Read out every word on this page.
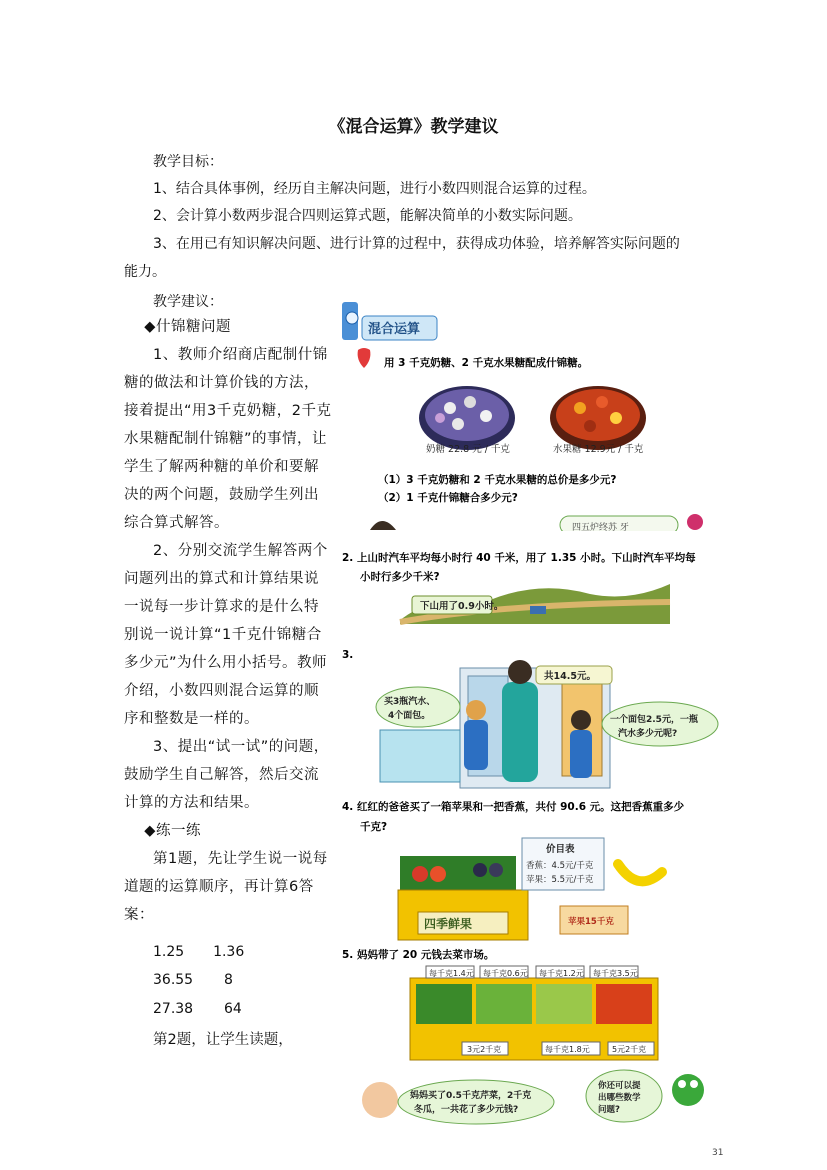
《混合运算》教学建议
教学目标：
1、结合具体事例，经历自主解决问题，进行小数四则混合运算的过程。
2、会计算小数两步混合四则运算式题，能解决简单的小数实际问题。
3、在用已有知识解决问题、进行计算的过程中，获得成功体验，培养解答实际问题的
能力。
教学建议：
◆什锦糖问题
1、教师介绍商店配制什锦糖的做法和计算价钱的方法，接着提出“用3千克奶糖，2千克水果糖配制什锦糖”的事情，让学生了解两种糖的单价和要解决的两个问题，鼓励学生列出综合算式解答。
2、分别交流学生解答两个问题列出的算式和计算结果说一说每一步计算求的是什么特别说一说计算“1千克什锦糖合多少元”为什么用小括号。教师介绍，小数四则混合运算的顺序和整数是一样的。
3、提出“试一试”的问题，鼓励学生自己解答，然后交流计算的方法和结果。
◆练一练
第1题，先让学生说一说每道题的运算顺序，再计算6答案：
1.25 1.36
36.55 8
27.38 64
第2题，让学生读题，
混合运算
用 3 千克奶糖、2 千克水果糖配成什锦糖。
奶糖 22.8 元 / 千克	水果糖 12.9元 / 千克
（1）3 千克奶糖和 2 千克水果糖的总价是多少元?
（2）1 千克什锦糖合多少元?
四五炉终苏 牙
2. 上山时汽车平均每小时行 40 千米，用了 1.35 小时。下山时汽车平均每
小时行多少千米?
下山用了0.9小时。
3.
共14.5元。
买3瓶汽水、
4个面包。	一个面包2.5元，一瓶
汽水多少元呢?
4. 红红的爸爸买了一箱苹果和一把香蕉，共付 90.6 元。这把香蕉重多少
千克?
四季鲜果
价目表
香蕉：4.5元/千克
苹果：5.5元/千克
苹果15千克
5. 妈妈带了 20 元钱去菜市场。
每千克1.4元 每千克0.6元 每千克1.2元 每千克3.5元
3元2千克	每千克1.8元	5元2千克
妈妈买了0.5千克芹菜，2千克
冬瓜，一共花了多少元钱?
你还可以提
出哪些数学
问题?
31
